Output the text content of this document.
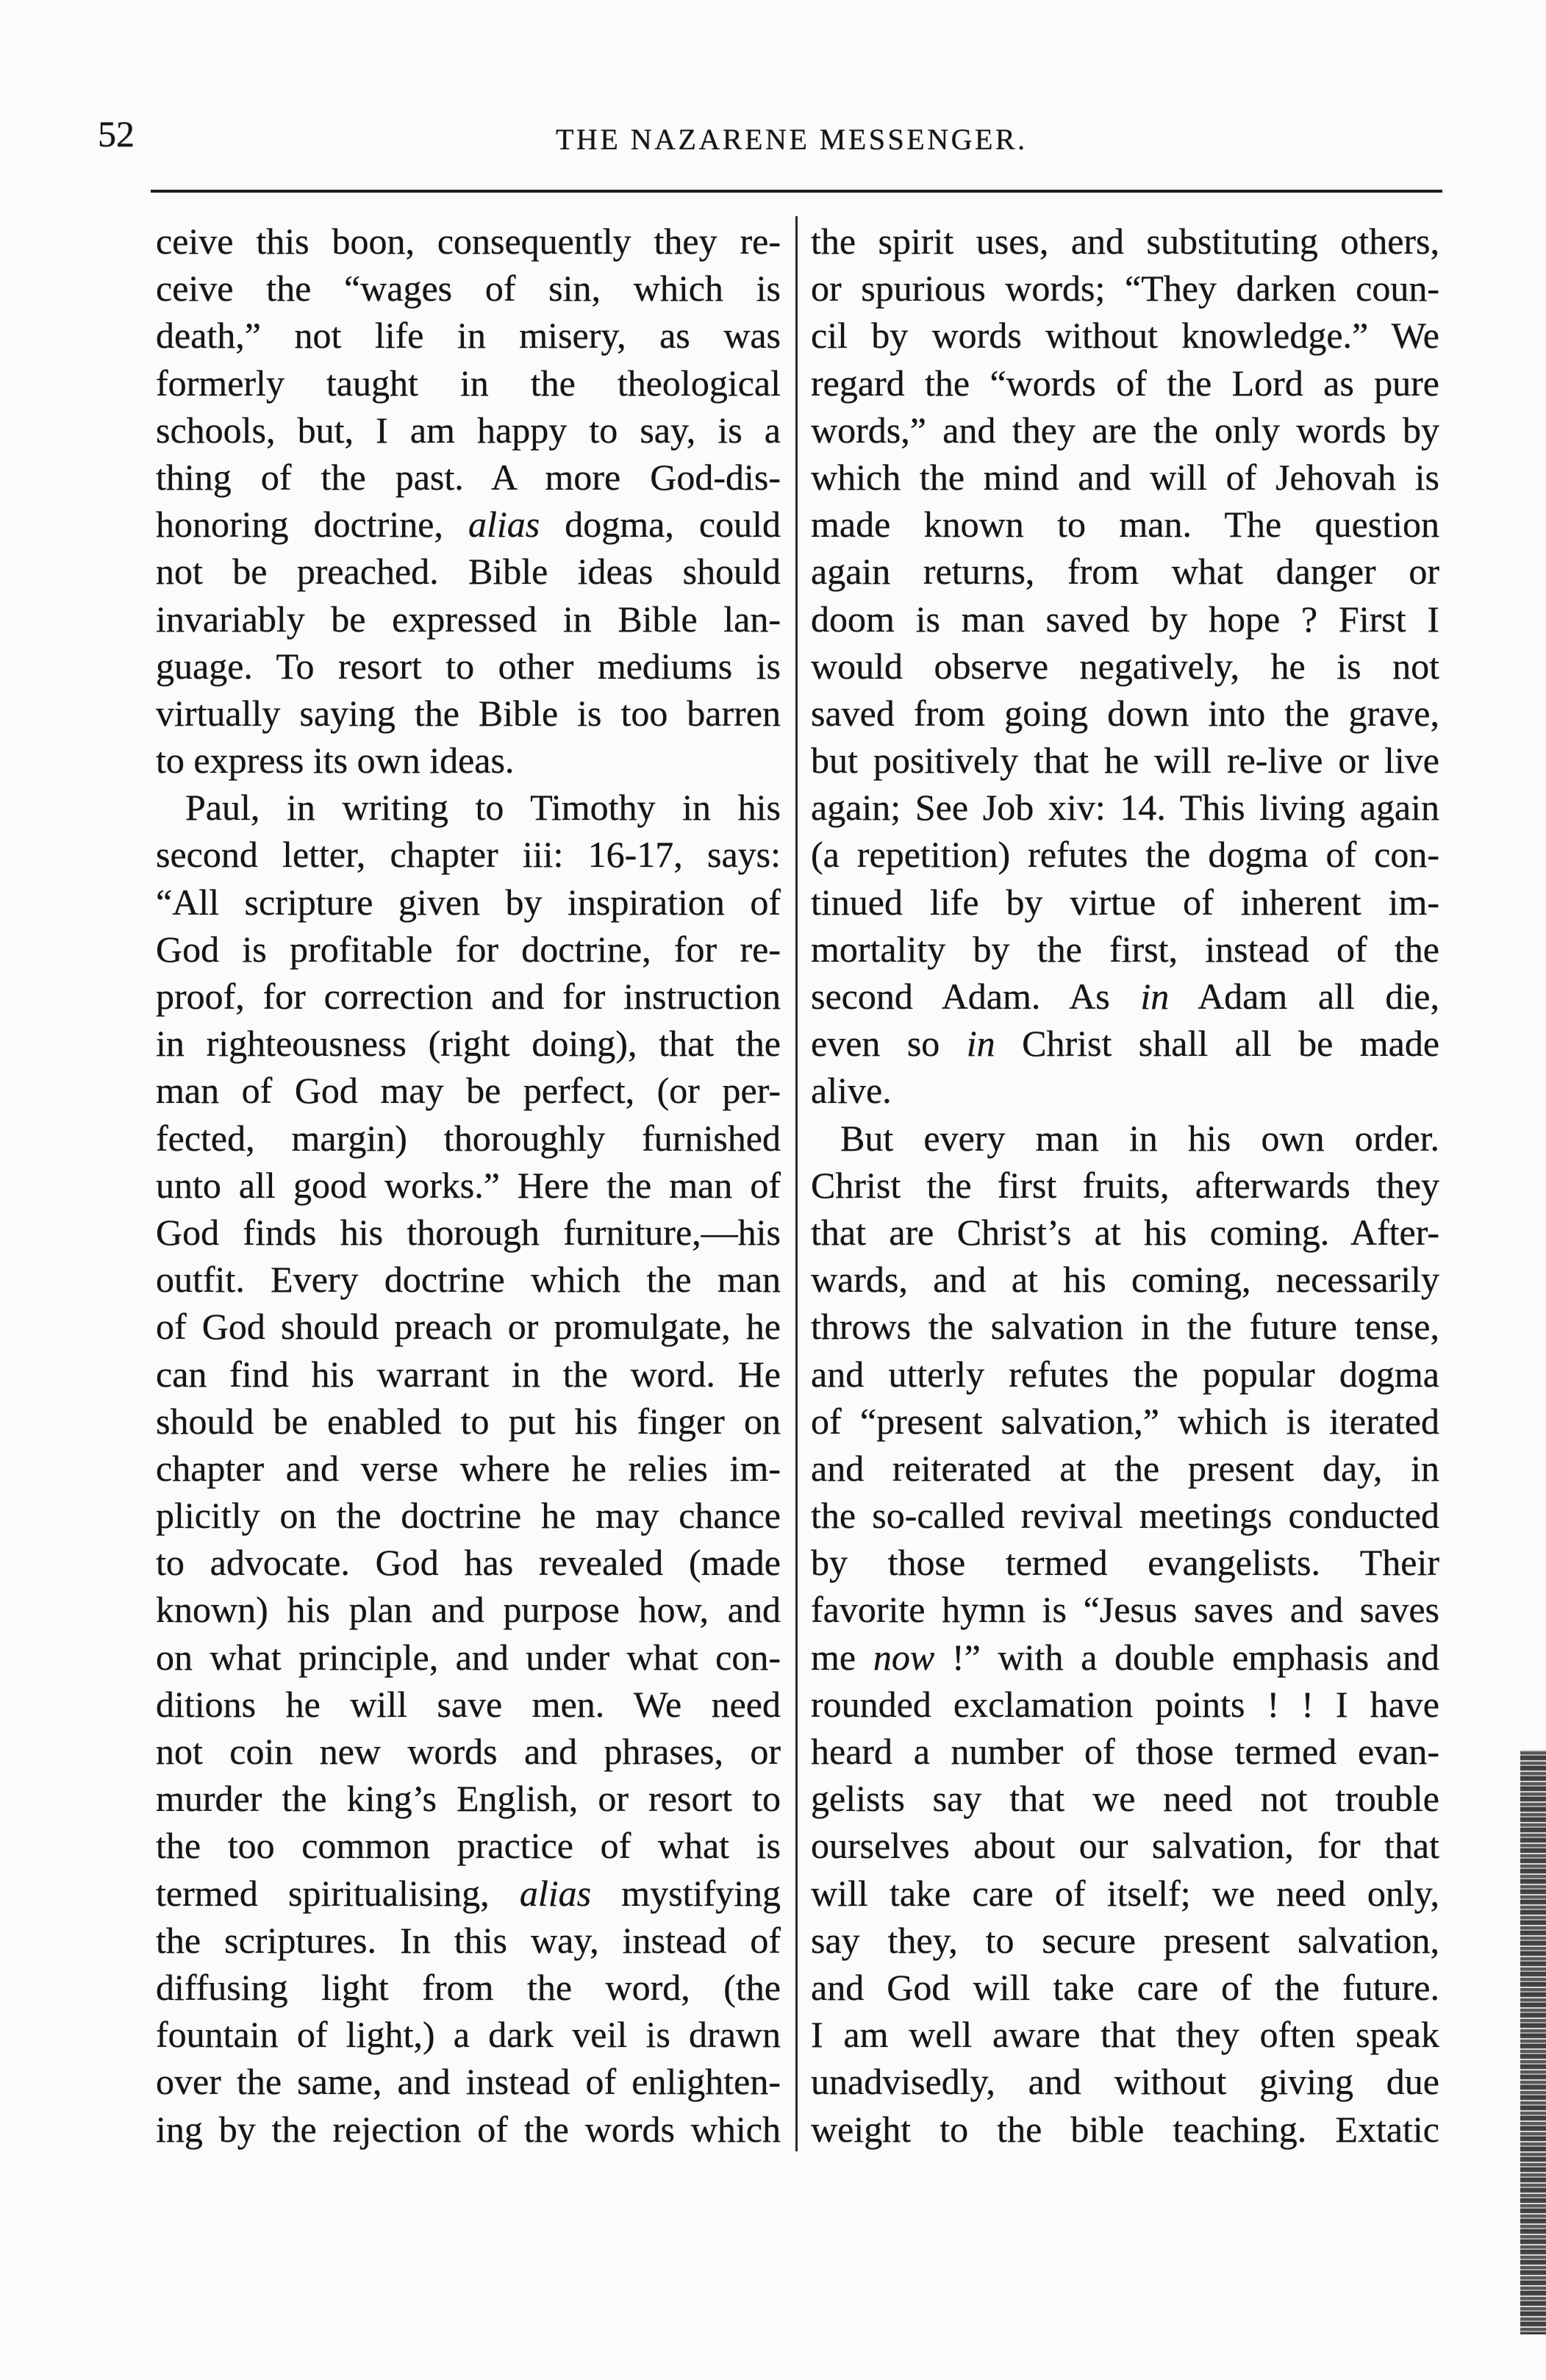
52	THE NAZARENE MESSENGER.
ceive this boon, consequently they re-
ceive the “wages of sin, which is
death,” not life in misery, as was
formerly taught in the theological
schools, but, I am happy to say, is a
thing of the past. A more God-dis-
honoring doctrine, alias dogma, could
not be preached. Bible ideas should
invariably be expressed in Bible lan-
guage. To resort to other mediums is
virtually saying the Bible is too barren
to express its own ideas.
Paul, in writing to Timothy in his
second letter, chapter iii: 16-17, says:
“All scripture given by inspiration of
God is profitable for doctrine, for re-
proof, for correction and for instruction
in righteousness (right doing), that the
man of God may be perfect, (or per-
fected, margin) thoroughly furnished
unto all good works.” Here the man of
God finds his thorough furniture,—his
outfit. Every doctrine which the man
of God should preach or promulgate, he
can find his warrant in the word. He
should be enabled to put his finger on
chapter and verse where he relies im-
plicitly on the doctrine he may chance
to advocate. God has revealed (made
known) his plan and purpose how, and
on what principle, and under what con-
ditions he will save men. We need
not coin new words and phrases, or
murder the king’s English, or resort to
the too common practice of what is
termed spiritualising, alias mystifying
the scriptures. In this way, instead of
diffusing light from the word, (the
fountain of light,) a dark veil is drawn
over the same, and instead of enlighten-
ing by the rejection of the words which
the spirit uses, and substituting others,
or spurious words; “They darken coun-
cil by words without knowledge.” We
regard the “words of the Lord as pure
words,” and they are the only words by
which the mind and will of Jehovah is
made known to man. The question
again returns, from what danger or
doom is man saved by hope ? First I
would observe negatively, he is not
saved from going down into the grave,
but positively that he will re-live or live
again; See Job xiv: 14. This living again
(a repetition) refutes the dogma of con-
tinued life by virtue of inherent im-
mortality by the first, instead of the
second Adam. As in Adam all die,
even so in Christ shall all be made
alive.
But every man in his own order.
Christ the first fruits, afterwards they
that are Christ’s at his coming. After-
wards, and at his coming, necessarily
throws the salvation in the future tense,
and utterly refutes the popular dogma
of “present salvation,” which is iterated
and reiterated at the present day, in
the so-called revival meetings conducted
by those termed evangelists. Their
favorite hymn is “Jesus saves and saves
me now !” with a double emphasis and
rounded exclamation points ! ! I have
heard a number of those termed evan-
gelists say that we need not trouble
ourselves about our salvation, for that
will take care of itself; we need only,
say they, to secure present salvation,
and God will take care of the future.
I am well aware that they often speak
unadvisedly, and without giving due
weight to the bible teaching. Extatic
